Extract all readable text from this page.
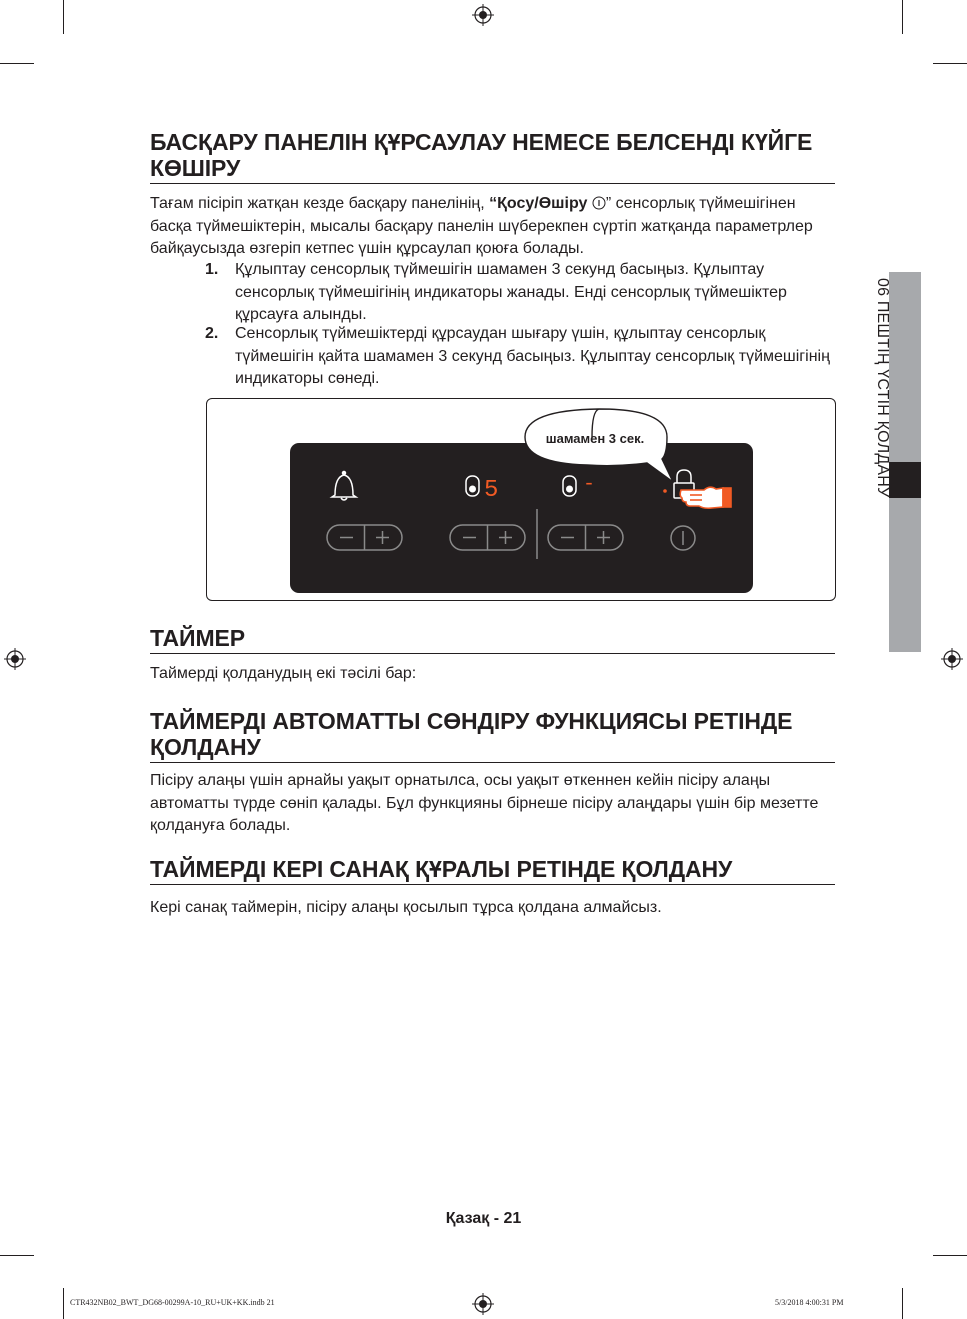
БАСҚАРУ ПАНЕЛІН ҚҰРСАУЛАУ НЕМЕСЕ БЕЛСЕНДІ КҮЙГЕ КӨШІРУ

Тағам пісіріп жатқан кезде басқару панелінің, “Қосу/Өшіру ” сенсорлық түймешігінен басқа түймешіктерін, мысалы басқару панелін шүберекпен сүртіп жатқанда параметрлер байқаусызда өзгеріп кетпес үшін құрсаулап қоюға болады.

1. Құлыптау сенсорлық түймешігін шамамен 3 секунд басыңыз. Құлыптау сенсорлық түймешігінің индикаторы жанады. Енді сенсорлық түймешіктер құрсауға алынды.
2. Сенсорлық түймешіктерді құрсаудан шығару үшін, құлыптау сенсорлық түймешігін қайта шамамен 3 секунд басыңыз. Құлыптау сенсорлық түймешігінің индикаторы сөнеді.
5	-
шамамен 3 сек.
ТАЙМЕР

Таймерді қолданудың екі тәсілі бар:

ТАЙМЕРДІ АВТОМАТТЫ СӨНДІРУ ФУНКЦИЯСЫ РЕТІНДЕ ҚОЛДАНУ

Пісіру алаңы үшін арнайы уақыт орнатылса, осы уақыт өткеннен кейін пісіру алаңы автоматты түрде сөніп қалады. Бұл функцияны бірнеше пісіру алаңдары үшін бір мезетте қолдануға болады.

ТАЙМЕРДІ КЕРІ САНАҚ ҚҰРАЛЫ РЕТІНДЕ ҚОЛДАНУ

Кері санақ таймерін, пісіру алаңы қосылып тұрса қолдана алмайсыз.

06 ПЕШТІҢ ҮСТІН ҚОЛДАНУ
Қазақ - 21
CTR432NB02_BWT_DG68-00299A-10_RU+UK+KK.indb 21	5/3/2018 4:00:31 PM
